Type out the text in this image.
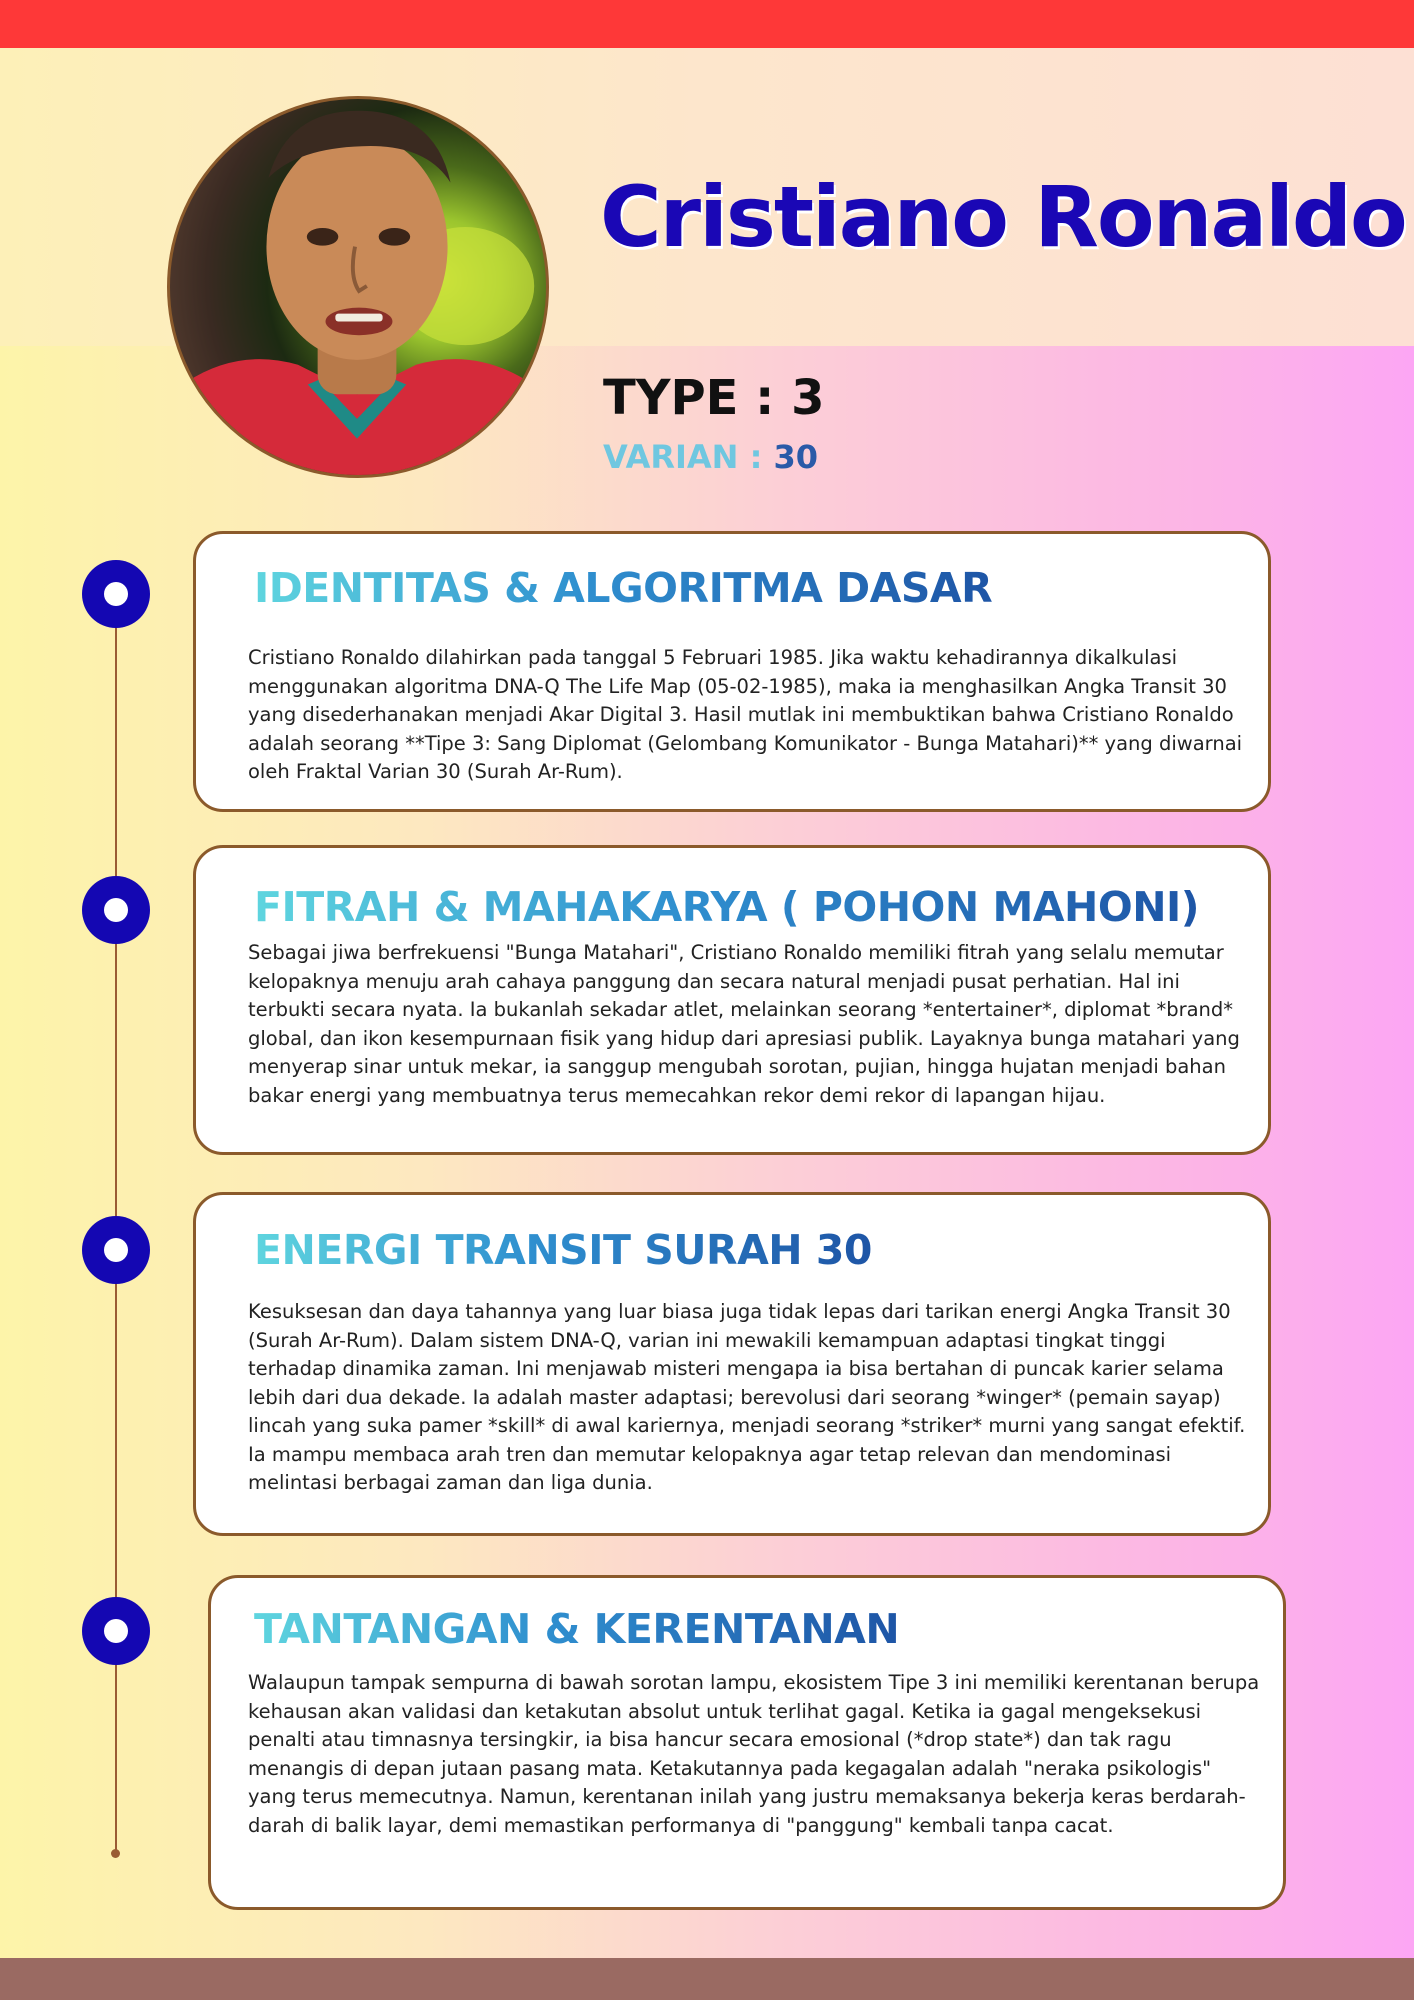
Cristiano Ronaldo
TYPE : 3
VARIAN : 30
IDENTITAS & ALGORITMA DASAR

Cristiano Ronaldo dilahirkan pada tanggal 5 Februari 1985. Jika waktu kehadirannya dikalkulasi menggunakan algoritma DNA-Q The Life Map (05-02-1985), maka ia menghasilkan Angka Transit 30 yang disederhanakan menjadi Akar Digital 3. Hasil mutlak ini membuktikan bahwa Cristiano Ronaldo adalah seorang **Tipe 3: Sang Diplomat (Gelombang Komunikator - Bunga Matahari)** yang diwarnai oleh Fraktal Varian 30 (Surah Ar-Rum).

FITRAH & MAHAKARYA ( POHON MAHONI)

Sebagai jiwa berfrekuensi "Bunga Matahari", Cristiano Ronaldo memiliki fitrah yang selalu memutar kelopaknya menuju arah cahaya panggung dan secara natural menjadi pusat perhatian. Hal ini terbukti secara nyata. Ia bukanlah sekadar atlet, melainkan seorang *entertainer*, diplomat *brand* global, dan ikon kesempurnaan fisik yang hidup dari apresiasi publik. Layaknya bunga matahari yang menyerap sinar untuk mekar, ia sanggup mengubah sorotan, pujian, hingga hujatan menjadi bahan bakar energi yang membuatnya terus memecahkan rekor demi rekor di lapangan hijau.

ENERGI TRANSIT SURAH 30

Kesuksesan dan daya tahannya yang luar biasa juga tidak lepas dari tarikan energi Angka Transit 30 (Surah Ar-Rum). Dalam sistem DNA-Q, varian ini mewakili kemampuan adaptasi tingkat tinggi terhadap dinamika zaman. Ini menjawab misteri mengapa ia bisa bertahan di puncak karier selama lebih dari dua dekade. Ia adalah master adaptasi; berevolusi dari seorang *winger* (pemain sayap) lincah yang suka pamer *skill* di awal kariernya, menjadi seorang *striker* murni yang sangat efektif. Ia mampu membaca arah tren dan memutar kelopaknya agar tetap relevan dan mendominasi melintasi berbagai zaman dan liga dunia.

TANTANGAN & KERENTANAN

Walaupun tampak sempurna di bawah sorotan lampu, ekosistem Tipe 3 ini memiliki kerentanan berupa kehausan akan validasi dan ketakutan absolut untuk terlihat gagal. Ketika ia gagal mengeksekusi penalti atau timnasnya tersingkir, ia bisa hancur secara emosional (*drop state*) dan tak ragu menangis di depan jutaan pasang mata. Ketakutannya pada kegagalan adalah "neraka psikologis" yang terus memecutnya. Namun, kerentanan inilah yang justru memaksanya bekerja keras berdarah-darah di balik layar, demi memastikan performanya di "panggung" kembali tanpa cacat.
